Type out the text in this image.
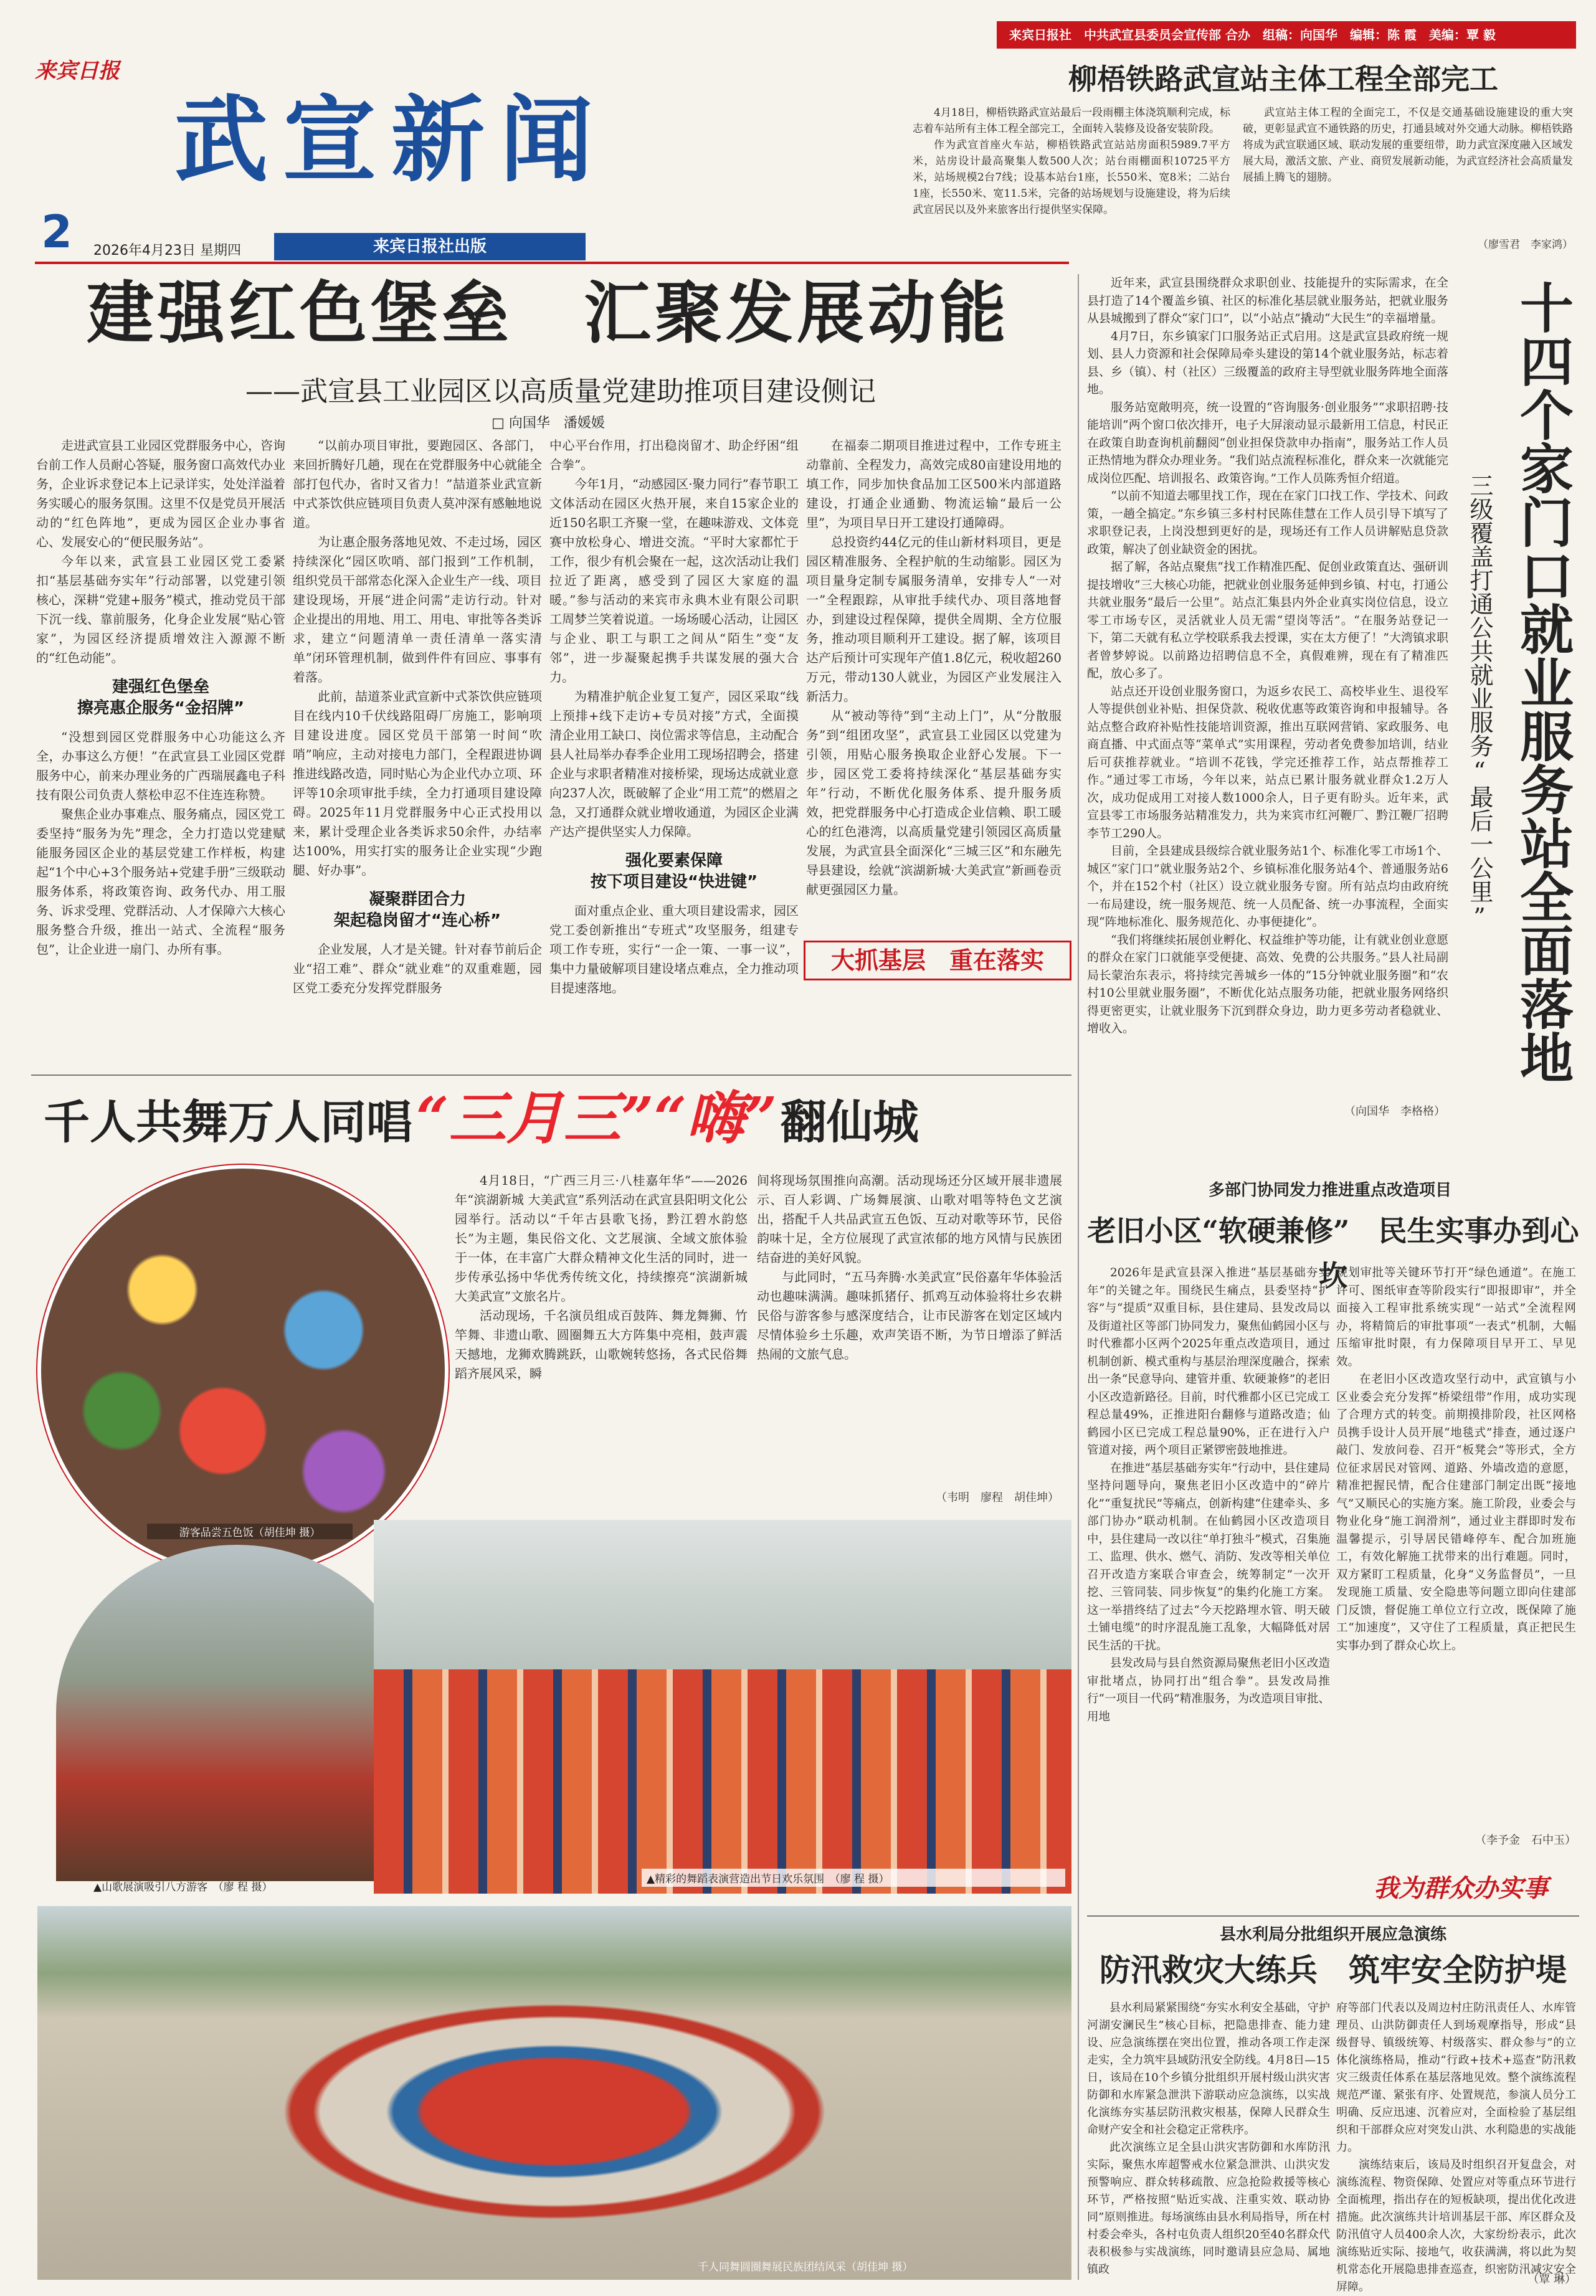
来宾日报社　中共武宣县委员会宣传部 合办　组稿：向国华　编辑：陈 霞　美编：覃 毅
来宾日报
武宣新闻
2 2026年4月23日 星期四	来宾日报社出版
柳梧铁路武宣站主体工程全部完工

4月18日，柳梧铁路武宣站最后一段雨棚主体浇筑顺利完成，标志着车站所有主体工程全部完工，全面转入装修及设备安装阶段。

作为武宣首座火车站，柳梧铁路武宣站站房面积5989.7平方米，站房设计最高聚集人数500人次；站台雨棚面积10725平方米，站场规模2台7线；设基本站台1座，长550米、宽8米；二站台1座，长550米、宽11.5米，完备的站场规划与设施建设，将为后续武宣居民以及外来旅客出行提供坚实保障。

武宣站主体工程的全面完工，不仅是交通基础设施建设的重大突破，更彰显武宣不通铁路的历史，打通县域对外交通大动脉。柳梧铁路将成为武宣联通区域、联动发展的重要纽带，助力武宣深度融入区域发展大局，激活文旅、产业、商贸发展新动能，为武宣经济社会高质量发展插上腾飞的翅膀。

（廖雪君　李家鸿）
建强红色堡垒　汇聚发展动能
——武宣县工业园区以高质量党建助推项目建设侧记
□ 向国华　潘媛媛

走进武宣县工业园区党群服务中心，咨询台前工作人员耐心答疑，服务窗口高效代办业务，企业诉求登记本上记录详实，处处洋溢着务实暖心的服务氛围。这里不仅是党员开展活动的“红色阵地”，更成为园区企业办事省心、发展安心的“便民服务站”。

今年以来，武宣县工业园区党工委紧扣“基层基础夯实年”行动部署，以党建引领核心，深耕“党建+服务”模式，推动党员干部下沉一线、靠前服务，化身企业发展“贴心管家”，为园区经济提质增效注入源源不断的“红色动能”。

建强红色堡垒
擦亮惠企服务“金招牌”

“没想到园区党群服务中心功能这么齐全，办事这么方便！”在武宣县工业园区党群服务中心，前来办理业务的广西瑞展鑫电子科技有限公司负责人蔡松申忍不住连连称赞。

聚焦企业办事难点、服务痛点，园区党工委坚持“服务为先”理念，全力打造以党建赋能服务园区企业的基层党建工作样板，构建起“1个中心+3个服务站+党建手册”三级联动服务体系，将政策咨询、政务代办、用工服务、诉求受理、党群活动、人才保障六大核心服务整合升级，推出一站式、全流程“服务包”，让企业进一扇门、办所有事。

“以前办项目审批，要跑园区、各部门，来回折腾好几趟，现在在党群服务中心就能全部打包代办，省时又省力！”喆道茶业武宣新中式茶饮供应链项目负责人莫冲深有感触地说道。

为让惠企服务落地见效、不走过场，园区持续深化“园区吹哨、部门报到”工作机制，组织党员干部常态化深入企业生产一线、项目建设现场，开展“进企问需”走访行动。针对企业提出的用地、用工、用电、审批等各类诉求，建立“问题清单一责任清单一落实清单”闭环管理机制，做到件件有回应、事事有着落。

此前，喆道茶业武宣新中式茶饮供应链项目在线内10千伏线路阻碍厂房施工，影响项目建设进度。园区党员干部第一时间“吹哨”响应，主动对接电力部门，全程跟进协调推进线路改造，同时贴心为企业代办立项、环评等10余项审批手续，全力打通项目建设障碍。2025年11月党群服务中心正式投用以来，累计受理企业各类诉求50余件，办结率达100%，用实打实的服务让企业实现“少跑腿、好办事”。

凝聚群团合力
架起稳岗留才“连心桥”

企业发展，人才是关键。针对春节前后企业“招工难”、群众“就业难”的双重难题，园区党工委充分发挥党群服务

中心平台作用，打出稳岗留才、助企纾困“组合拳”。

今年1月，“动感园区·聚力同行”春节职工文体活动在园区火热开展，来自15家企业的近150名职工齐聚一堂，在趣味游戏、文体竞赛中放松身心、增进交流。“平时大家都忙于工作，很少有机会聚在一起，这次活动让我们拉近了距离，感受到了园区大家庭的温暖。”参与活动的来宾市永典木业有限公司职工周梦兰笑着说道。一场场暖心活动，让园区与企业、职工与职工之间从“陌生”变“友邻”，进一步凝聚起携手共谋发展的强大合力。

为精准护航企业复工复产，园区采取“线上预排+线下走访+专员对接”方式，全面摸清企业用工缺口、岗位需求等信息，主动配合县人社局举办春季企业用工现场招聘会，搭建企业与求职者精准对接桥梁，现场达成就业意向237人次，既破解了企业“用工荒”的燃眉之急，又打通群众就业增收通道，为园区企业满产达产提供坚实人力保障。

强化要素保障
按下项目建设“快进键”

面对重点企业、重大项目建设需求，园区党工委创新推出“专班式”攻坚服务，组建专项工作专班，实行“一企一策、一事一议”，集中力量破解项目建设堵点难点，全力推动项目提速落地。

在福泰二期项目推进过程中，工作专班主动靠前、全程发力，高效完成80亩建设用地的填工作，同步加快食品加工区500米内部道路建设，打通企业通勤、物流运输“最后一公里”，为项目早日开工建设打通障碍。

总投资约44亿元的佳山新材料项目，更是园区精准服务、全程护航的生动缩影。园区为项目量身定制专属服务清单，安排专人“一对一”全程跟踪，从审批手续代办、项目落地督办，到建设过程保障，提供全周期、全方位服务，推动项目顺利开工建设。据了解，该项目达产后预计可实现年产值1.8亿元，税收超260万元，带动130人就业，为园区产业发展注入新活力。

从“被动等待”到“主动上门”，从“分散服务”到“组团攻坚”，武宣县工业园区以党建为引领，用贴心服务换取企业舒心发展。下一步，园区党工委将持续深化“基层基础夯实年”行动，不断优化服务体系、提升服务质效，把党群服务中心打造成企业信赖、职工暖心的红色港湾，以高质量党建引领园区高质量发展，为武宣县全面深化“三城三区”和东融先导县建设，绘就“滨湖新城·大美武宣”新画卷贡献更强园区力量。

大抓基层　重在落实

近年来，武宣县围绕群众求职创业、技能提升的实际需求，在全县打造了14个覆盖乡镇、社区的标准化基层就业服务站，把就业服务从县城搬到了群众“家门口”，以“小站点”撬动“大民生”的幸福增量。

4月7日，东乡镇家门口服务站正式启用。这是武宣县政府统一规划、县人力资源和社会保障局牵头建设的第14个就业服务站，标志着县、乡（镇）、村（社区）三级覆盖的政府主导型就业服务阵地全面落地。

服务站宽敞明亮，统一设置的“咨询服务·创业服务”“求职招聘·技能培训”两个窗口依次排开，电子大屏滚动显示最新用工信息，村民正在政策自助查询机前翻阅“创业担保贷款申办指南”，服务站工作人员正热情地为群众办理业务。“我们站点流程标准化，群众来一次就能完成岗位匹配、培训报名、政策咨询。”工作人员陈秀恒介绍道。

“以前不知道去哪里找工作，现在在家门口找工作、学技术、问政策，一趟全搞定。”东乡镇三多村村民陈佳慧在工作人员引导下填写了求职登记表，上岗没想到更好的是，现场还有工作人员讲解贴息贷款政策，解决了创业缺资金的困扰。

据了解，各站点聚焦“找工作精准匹配、促创业政策直达、强研训提技增收”三大核心功能，把就业创业服务延伸到乡镇、村屯，打通公共就业服务“最后一公里”。站点汇集县内外企业真实岗位信息，设立零工市场专区，灵活就业人员无需“望岗等活”。“在服务站登记一下，第二天就有私立学校联系我去授课，实在太方便了！”大湾镇求职者曾梦婷说。以前路边招聘信息不全，真假难辨，现在有了精准匹配，放心多了。

站点还开设创业服务窗口，为返乡农民工、高校毕业生、退役军人等提供创业补贴、担保贷款、税收优惠等政策咨询和申报辅导。各站点整合政府补贴性技能培训资源，推出互联网营销、家政服务、电商直播、中式面点等“菜单式”实用课程，劳动者免费参加培训，结业后可获推荐就业。“培训不花钱，学完还推荐工作，站点帮推荐工作。”通过零工市场，今年以来，站点已累计服务就业群众1.2万人次，成功促成用工对接人数1000余人，日子更有盼头。近年来，武宣县零工市场服务站精准发力，共为来宾市红河鞭厂、黔江鞭厂招聘李节工290人。

目前，全县建成县级综合就业服务站1个、标准化零工市场1个、城区“家门口”就业服务站2个、乡镇标准化服务站4个、普通服务站6个，并在152个村（社区）设立就业服务专窗。所有站点均由政府统一布局建设，统一服务规范、统一人员配备、统一办事流程，全面实现“阵地标准化、服务规范化、办事便捷化”。

“我们将继续拓展创业孵化、权益维护等功能，让有就业创业意愿的群众在家门口就能享受便捷、高效、免费的公共服务。”县人社局副局长蒙治东表示，将持续完善城乡一体的“15分钟就业服务圈”和“农村10公里就业服务圈”，不断优化站点服务功能，把就业服务网络织得更密更实，让就业服务下沉到群众身边，助力更多劳动者稳就业、增收入。

（向国华　李格格）
十四个家门口就业服务站全面落地
三级覆盖打通公共就业服务“最后一公里”
千人共舞万人同唱 “三月三”“嗨” 翻仙城
游客品尝五色饭（胡佳坤 摄）
▲山歌展演吸引八方游客　（廖 程 摄）

4月18日，“广西三月三·八桂嘉年华”——2026年“滨湖新城 大美武宣”系列活动在武宣县阳明文化公园举行。活动以“千年古县歌飞扬，黔江碧水韵悠长”为主题，集民俗文化、文艺展演、全域文旅体验于一体，在丰富广大群众精神文化生活的同时，进一步传承弘扬中华优秀传统文化，持续擦亮“滨湖新城 大美武宣”文旅名片。

活动现场，千名演员组成百鼓阵、舞龙舞狮、竹竿舞、非遗山歌、圆圈舞五大方阵集中亮相，鼓声震天撼地，龙狮欢腾跳跃，山歌婉转悠扬，各式民俗舞蹈齐展风采，瞬

间将现场氛围推向高潮。活动现场还分区域开展非遗展示、百人彩调、广场舞展演、山歌对唱等特色文艺演出，搭配千人共品武宣五色饭、互动对歌等环节，民俗韵味十足，全方位展现了武宣浓郁的地方风情与民族团结奋进的美好风貌。

与此同时，“五马奔腾·水美武宣”民俗嘉年华体验活动也趣味满满。趣味抓猪仔、抓鸡互动体验将壮乡农耕民俗与游客参与感深度结合，让市民游客在划定区域内尽情体验乡土乐趣，欢声笑语不断，为节日增添了鲜活热闹的文旅气息。

（韦明　廖程　胡佳坤）
▲精彩的舞蹈表演营造出节日欢乐氛围　（廖 程 摄）
千人同舞圆圈舞展民族团结风采（胡佳坤 摄）
多部门协同发力推进重点改造项目
老旧小区“软硬兼修”　民生实事办到心坎

2026年是武宣县深入推进“基层基础夯实年”的关键之年。围绕民生痛点，县委坚持“扩容”与“提质”双重目标，县住建局、县发改局以及街道社区等部门协同发力，聚焦仙鹤园小区与时代雅都小区两个2025年重点改造项目，通过机制创新、模式重构与基层治理深度融合，探索出一条“民意导向、建管并重、软硬兼修”的老旧小区改造新路径。目前，时代雅都小区已完成工程总量49%，正推进阳台翻修与道路改造；仙鹤园小区已完成工程总量90%，正在进行入户管道对接，两个项目正紧锣密鼓地推进。

在推进“基层基础夯实年”行动中，县住建局坚持问题导向，聚焦老旧小区改造中的“碎片化”“重复扰民”等痛点，创新构建“住建牵头、多部门协办”联动机制。在仙鹤园小区改造项目中，县住建局一改以往“单打独斗”模式，召集施工、监理、供水、燃气、消防、发改等相关单位召开改造方案联合审查会，统筹制定“一次开挖、三管同装、同步恢复”的集约化施工方案。这一举措终结了过去“今天挖路埋水管、明天破土铺电缆”的时序混乱施工乱象，大幅降低对居民生活的干扰。

县发改局与县自然资源局聚焦老旧小区改造审批堵点，协同打出“组合拳”。县发改局推行“一项目一代码”精准服务，为改造项目审批、用地

规划审批等关键环节打开“绿色通道”。在施工许可、图纸审查等阶段实行“即报即审”，并全面接入工程审批系统实现“一站式”全流程网办，将精简后的审批事项“一表式”机制，大幅压缩审批时限，有力保障项目早开工、早见效。

在老旧小区改造攻坚行动中，武宣镇与小区业委会充分发挥“桥梁纽带”作用，成功实现了合理方式的转变。前期摸排阶段，社区网格员携手设计人员开展“地毯式”排查，通过逐户敲门、发放问卷、召开“板凳会”等形式，全方位征求居民对管网、道路、外墙改造的意愿，精准把握民情，配合住建部门制定出既“接地气”又顺民心的实施方案。施工阶段，业委会与物业化身“施工润滑剂”，通过业主群即时发布温馨提示，引导居民错峰停车、配合加班施工，有效化解施工扰带来的出行难题。同时，双方紧盯工程质量，化身“义务监督员”，一旦发现施工质量、安全隐患等问题立即向住建部门反馈，督促施工单位立行立改，既保障了施工“加速度”，又守住了工程质量，真正把民生实事办到了群众心坎上。

（李予金　石中玉）
我为群众办实事
县水利局分批组织开展应急演练
防汛救灾大练兵　筑牢安全防护堤

县水利局紧紧围绕“夯实水利安全基础，守护河湖安澜民生”核心目标，把隐患排查、能力建设、应急演练摆在突出位置，推动各项工作走深走实，全力筑牢县域防汛安全防线。4月8日—15日，该局在10个乡镇分批组织开展村级山洪灾害防御和水库紧急泄洪下游联动应急演练，以实战化演练夯实基层防汛救灾根基，保障人民群众生命财产安全和社会稳定正常秩序。

此次演练立足全县山洪灾害防御和水库防汛实际，聚焦水库超警戒水位紧急泄洪、山洪灾发预警响应、群众转移疏散、应急抢险救援等核心环节，严格按照“贴近实战、注重实效、联动协同”原则推进。每场演练由县水利局指导，所在村村委会牵头，各村屯负责人组织20至40名群众代表积极参与实战演练，同时邀请县应急局、属地镇政

府等部门代表以及周边村庄防汛责任人、水库管理员、山洪防御责任人到场观摩指导，形成“县级督导、镇级统筹、村级落实、群众参与”的立体化演练格局，推动“行政+技术+巡查”防汛救灾三级责任体系在基层落地见效。整个演练流程规范严谨、紧张有序、处置规范，参演人员分工明确、反应迅速、沉着应对，全面检验了基层组织和干部群众应对突发山洪、水利隐患的实战能力。

演练结束后，该局及时组织召开复盘会，对演练流程、物资保障、处置应对等重点环节进行全面梳理，指出存在的短板缺项，提出优化改进措施。此次演练共计培训基层干部、库区群众及防汛值守人员400余人次，大家纷纷表示，此次演练贴近实际、接地气，收获满满，将以此为契机常态化开展隐患排查巡查，织密防汛减灾安全屏障。

（覃 琳）
